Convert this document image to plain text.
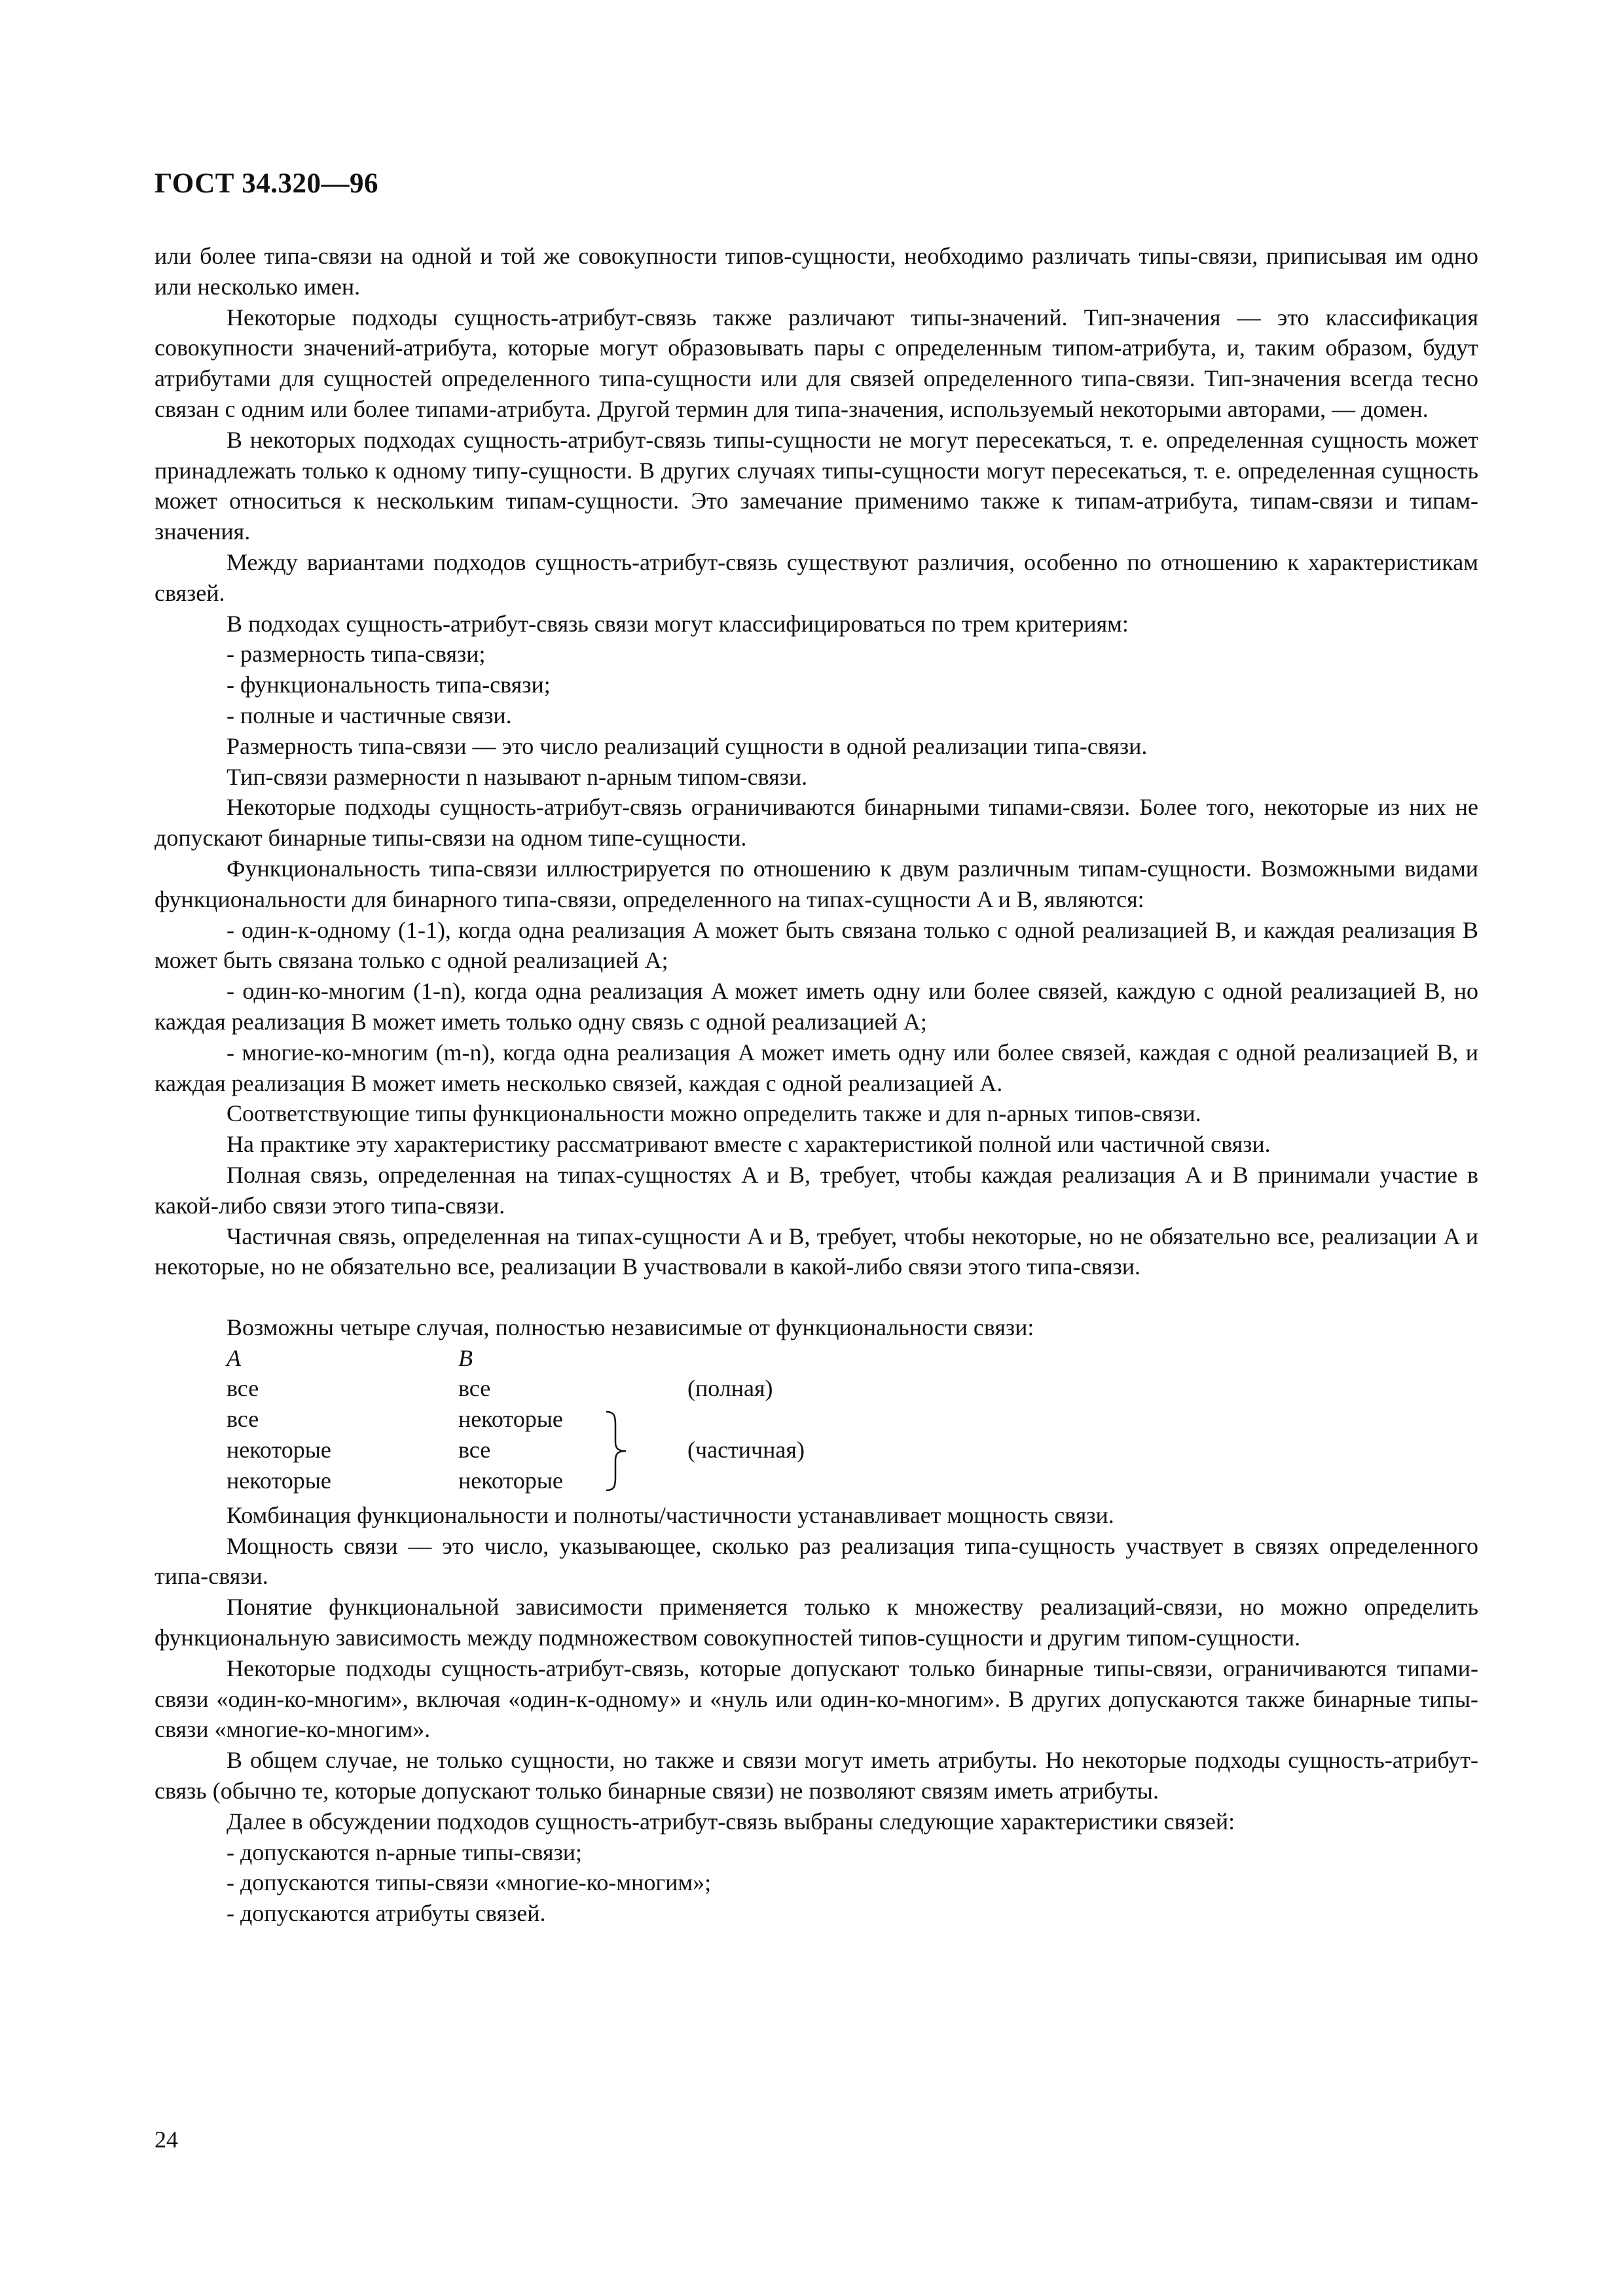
ГОСТ 34.320—96

или более типа-связи на одной и той же совокупности типов-сущности, необходимо различать типы-связи, приписывая им одно или несколько имен.

Некоторые подходы сущность-атрибут-связь также различают типы-значений. Тип-значения — это классификация совокупности значений-атрибута, которые могут образовывать пары с определенным типом-атрибута, и, таким образом, будут атрибутами для сущностей определенного типа-сущности или для связей определенного типа-связи. Тип-значения всегда тесно связан с одним или более типами-атрибута. Другой термин для типа-значения, используемый некоторыми авторами, — домен.

В некоторых подходах сущность-атрибут-связь типы-сущности не могут пересекаться, т. е. определенная сущность может принадлежать только к одному типу-сущности. В других случаях типы-сущности могут пересекаться, т. е. определенная сущность может относиться к нескольким типам-сущности. Это замечание применимо также к типам-атрибута, типам-связи и типам-значения.

Между вариантами подходов сущность-атрибут-связь существуют различия, особенно по отношению к характеристикам связей.

В подходах сущность-атрибут-связь связи могут классифицироваться по трем критериям:

- размерность типа-связи;

- функциональность типа-связи;

- полные и частичные связи.

Размерность типа-связи — это число реализаций сущности в одной реализации типа-связи.

Тип-связи размерности n называют n-арным типом-связи.

Некоторые подходы сущность-атрибут-связь ограничиваются бинарными типами-связи. Более того, некоторые из них не допускают бинарные типы-связи на одном типе-сущности.

Функциональность типа-связи иллюстрируется по отношению к двум различным типам-сущности. Возможными видами функциональности для бинарного типа-связи, определенного на типах-сущности A и B, являются:

- один-к-одному (1-1), когда одна реализация A может быть связана только с одной реализацией B, и каждая реализация B может быть связана только с одной реализацией A;

- один-ко-многим (1-n), когда одна реализация A может иметь одну или более связей, каждую с одной реализацией B, но каждая реализация B может иметь только одну связь с одной реализацией A;

- многие-ко-многим (m-n), когда одна реализация A может иметь одну или более связей, каждая с одной реализацией B, и каждая реализация B может иметь несколько связей, каждая с одной реализацией A.

Соответствующие типы функциональности можно определить также и для n-арных типов-связи.

На практике эту характеристику рассматривают вместе с характеристикой полной или частичной связи.

Полная связь, определенная на типах-сущностях A и B, требует, чтобы каждая реализация A и B принимали участие в какой-либо связи этого типа-связи.

Частичная связь, определенная на типах-сущности A и B, требует, чтобы некоторые, но не обязательно все, реализации A и некоторые, но не обязательно все, реализации B участвовали в какой-либо связи этого типа-связи.

Возможны четыре случая, полностью независимые от функциональности связи:

A	B
все	все	(полная)
все	некоторые
некоторые	все	(частичная)
некоторые	некоторые

Комбинация функциональности и полноты/частичности устанавливает мощность связи.

Мощность связи — это число, указывающее, сколько раз реализация типа-сущность участвует в связях определенного типа-связи.

Понятие функциональной зависимости применяется только к множеству реализаций-связи, но можно определить функциональную зависимость между подмножеством совокупностей типов-сущности и другим типом-сущности.

Некоторые подходы сущность-атрибут-связь, которые допускают только бинарные типы-связи, ограничиваются типами-связи «один-ко-многим», включая «один-к-одному» и «нуль или один-ко-многим». В других допускаются также бинарные типы-связи «многие-ко-многим».

В общем случае, не только сущности, но также и связи могут иметь атрибуты. Но некоторые подходы сущность-атрибут-связь (обычно те, которые допускают только бинарные связи) не позволяют связям иметь атрибуты.

Далее в обсуждении подходов сущность-атрибут-связь выбраны следующие характеристики связей:

- допускаются n-арные типы-связи;

- допускаются типы-связи «многие-ко-многим»;

- допускаются атрибуты связей.

24
